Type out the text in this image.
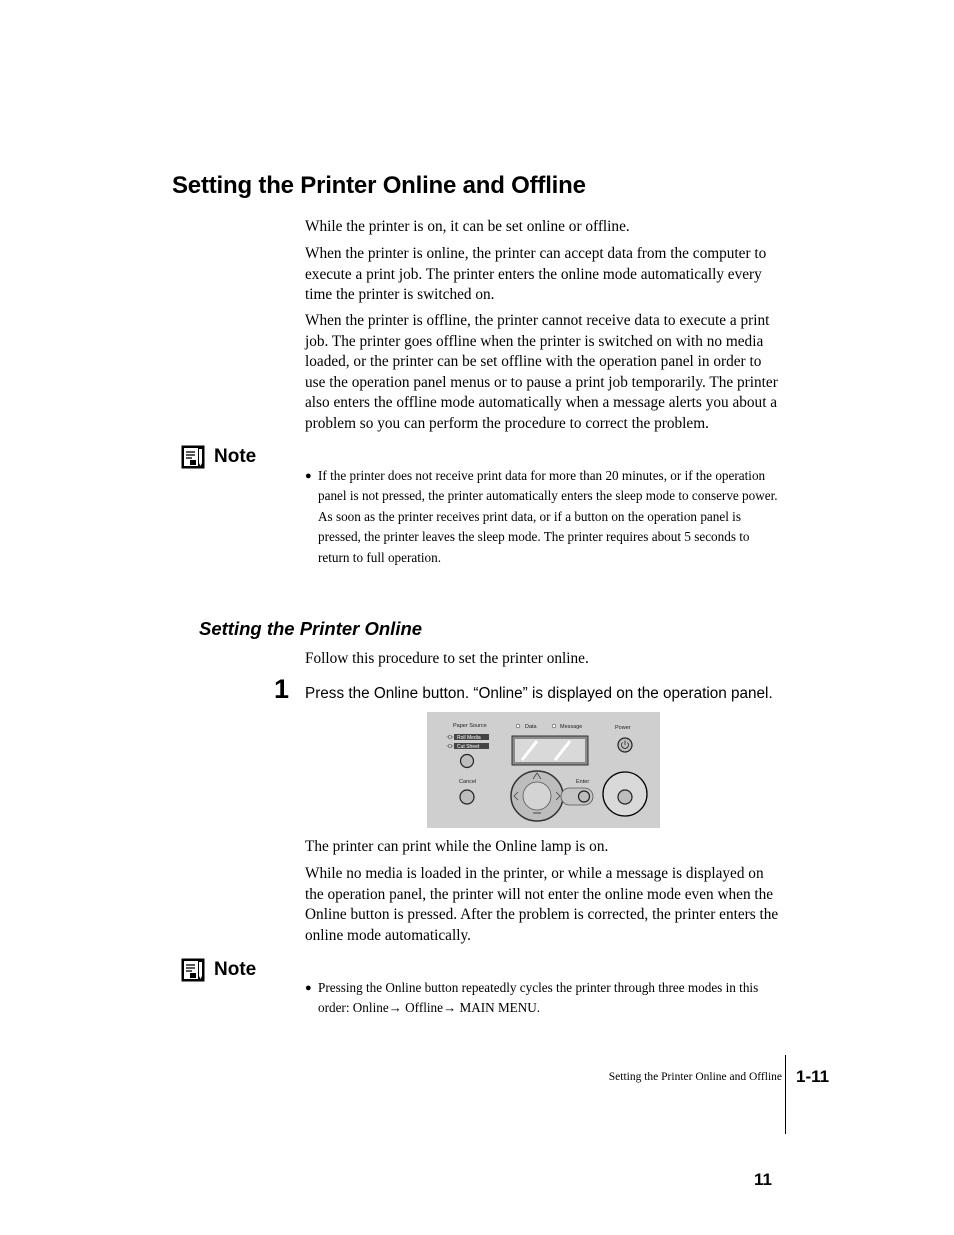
Setting the Printer Online and Offline
While the printer is on, it can be set online or offline.
When the printer is online, the printer can accept data from the computer to execute a print job. The printer enters the online mode automatically every time the printer is switched on.
When the printer is offline, the printer cannot receive data to execute a print job. The printer goes offline when the printer is switched on with no media loaded, or the printer can be set offline with the operation panel in order to use the operation panel menus or to pause a print job temporarily. The printer also enters the offline mode automatically when a message alerts you about a problem so you can perform the procedure to correct the problem.
Note
● If the printer does not receive print data for more than 20 minutes, or if the operation panel is not pressed, the printer automatically enters the sleep mode to conserve power. As soon as the printer receives print data, or if a button on the operation panel is pressed, the printer leaves the sleep mode. The printer requires about 5 seconds to return to full operation.
Setting the Printer Online
Follow this procedure to set the printer online.
1 Press the Online button. “Online” is displayed on the operation panel.
Paper Source	Data	Message	Power
Cancel	Enter
Roll Media
Cut Sheet
The printer can print while the Online lamp is on.
While no media is loaded in the printer, or while a message is displayed on the operation panel, the printer will not enter the online mode even when the Online button is pressed. After the problem is corrected, the printer enters the online mode automatically.
Note
● Pressing the Online button repeatedly cycles the printer through three modes in this order: Online→ Offline→ MAIN MENU.
Setting the Printer Online and Offline 1-11
11
